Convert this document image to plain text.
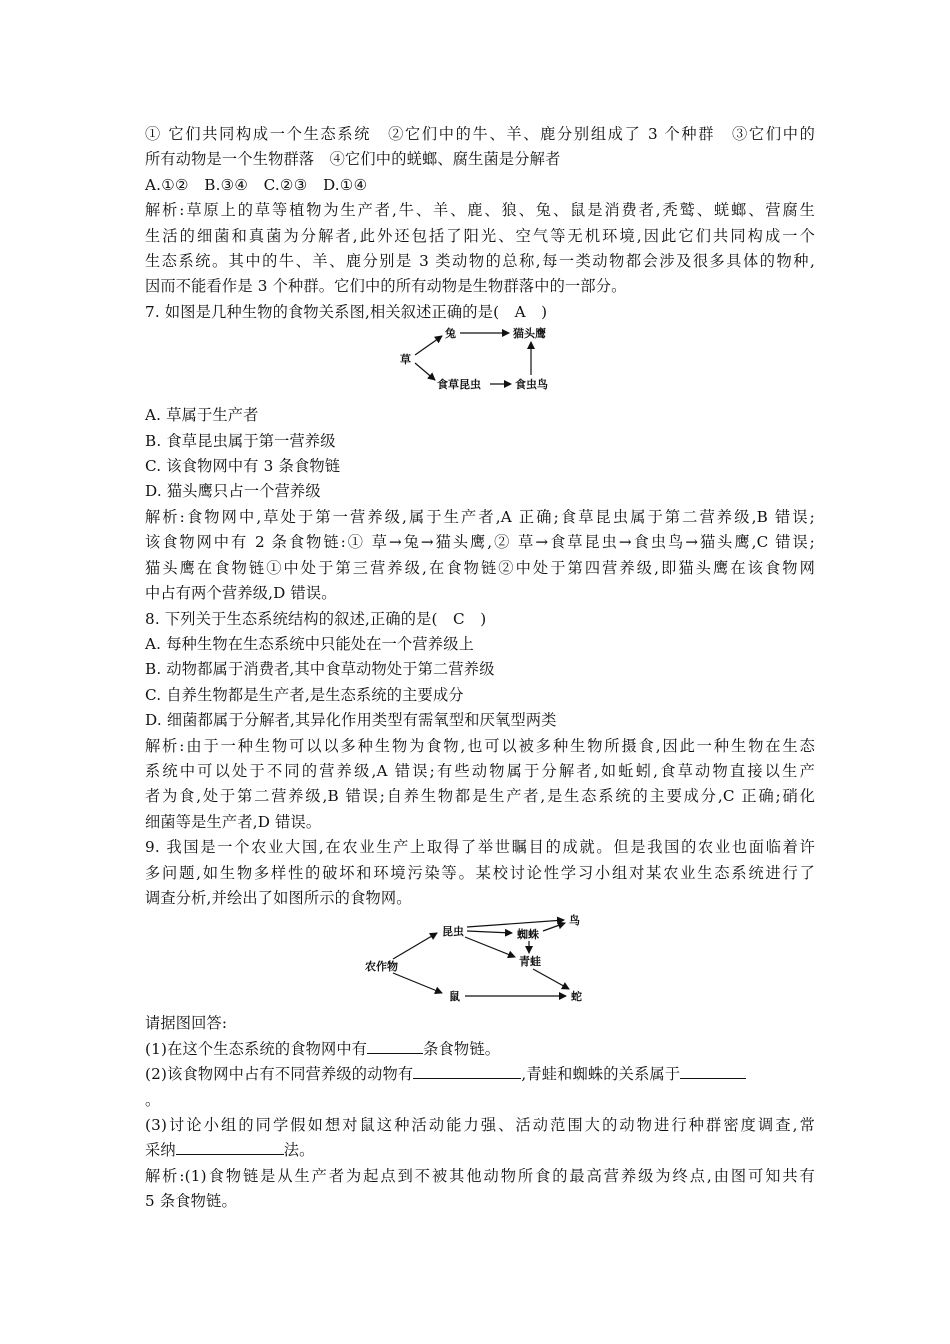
① 它们共同构成一个生态系统　②它们中的牛、羊、鹿分别组成了 3 个种群　③它们中的
所有动物是一个生物群落　④它们中的蜣螂、腐生菌是分解者
A.①②　B.③④　C.②③　D.①④
解析:草原上的草等植物为生产者,牛、羊、鹿、狼、兔、鼠是消费者,秃鹫、蜣螂、营腐生
生活的细菌和真菌为分解者,此外还包括了阳光、空气等无机环境,因此它们共同构成一个
生态系统。其中的牛、羊、鹿分别是 3 类动物的总称,每一类动物都会涉及很多具体的物种,
因而不能看作是 3 个种群。它们中的所有动物是生物群落中的一部分。
7. 如图是几种生物的食物关系图,相关叙述正确的是(　A　)
草
兔	猫头鹰
食草昆虫	食虫鸟
A. 草属于生产者
B. 食草昆虫属于第一营养级
C. 该食物网中有 3 条食物链
D. 猫头鹰只占一个营养级
解析:食物网中,草处于第一营养级,属于生产者,A 正确;食草昆虫属于第二营养级,B 错误;
该食物网中有 2 条食物链:① 草→兔→猫头鹰,② 草→食草昆虫→食虫鸟→猫头鹰,C 错误;
猫头鹰在食物链①中处于第三营养级,在食物链②中处于第四营养级,即猫头鹰在该食物网
中占有两个营养级,D 错误。
8. 下列关于生态系统结构的叙述,正确的是(　C　)
A. 每种生物在生态系统中只能处在一个营养级上
B. 动物都属于消费者,其中食草动物处于第二营养级
C. 自养生物都是生产者,是生态系统的主要成分
D. 细菌都属于分解者,其异化作用类型有需氧型和厌氧型两类
解析:由于一种生物可以以多种生物为食物,也可以被多种生物所摄食,因此一种生物在生态
系统中可以处于不同的营养级,A 错误;有些动物属于分解者,如蚯蚓,食草动物直接以生产
者为食,处于第二营养级,B 错误;自养生物都是生产者,是生态系统的主要成分,C 正确;硝化
细菌等是生产者,D 错误。
9. 我国是一个农业大国,在农业生产上取得了举世瞩目的成就。但是我国的农业也面临着许
多问题,如生物多样性的破坏和环境污染等。某校讨论性学习小组对某农业生态系统进行了
调查分析,并绘出了如图所示的食物网。
农作物
昆虫	蜘蛛
鸟
青蛙
鼠	蛇
请据图回答:
(1)在这个生态系统的食物网中有	条食物链。
(2)该食物网中占有不同营养级的动物有	,青蛙和蜘蛛的关系属于
。
(3)讨论小组的同学假如想对鼠这种活动能力强、活动范围大的动物进行种群密度调查,常
采纳	法。
解析:(1)食物链是从生产者为起点到不被其他动物所食的最高营养级为终点,由图可知共有
5 条食物链。
